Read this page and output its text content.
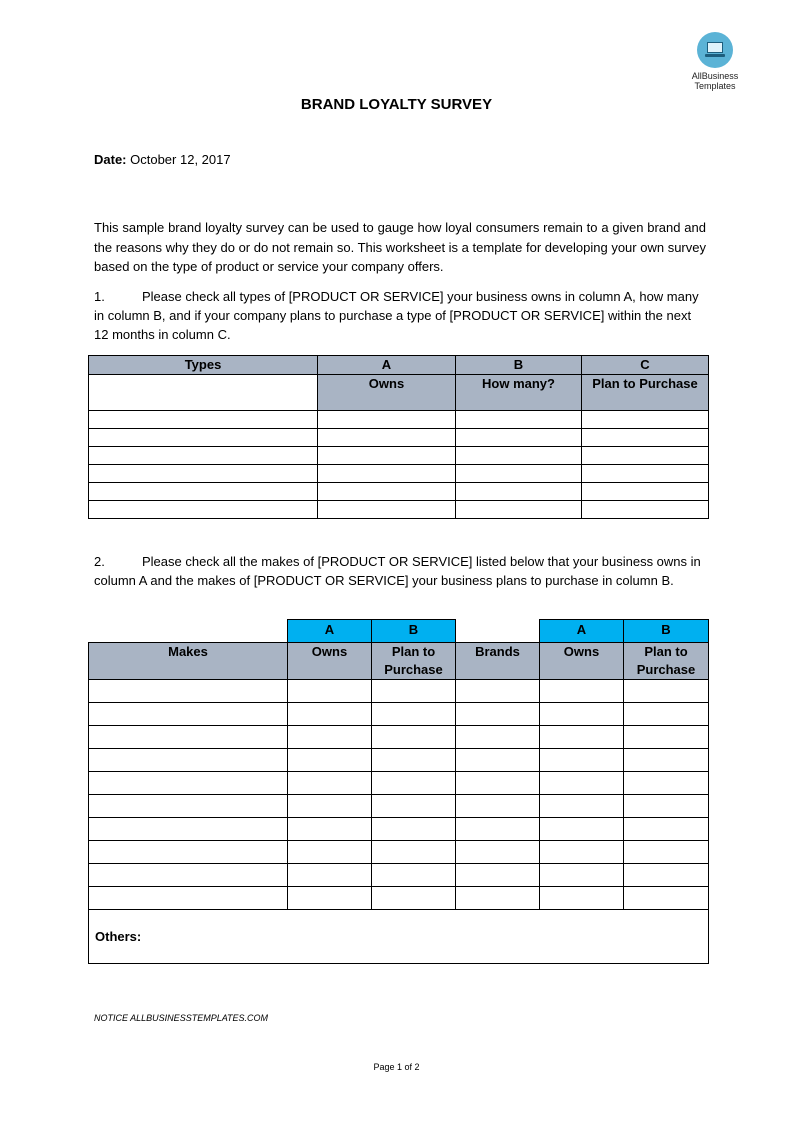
AllBusiness
Templates
BRAND LOYALTY SURVEY
Date: October 12, 2017
This sample brand loyalty survey can be used to gauge how loyal consumers remain to a given brand and the reasons why they do or do not remain so. This worksheet is a template for developing your own survey based on the type of product or service your company offers.
1.	Please check all types of [PRODUCT OR SERVICE] your business owns in column A, how many in column B, and if your company plans to purchase a type of [PRODUCT OR SERVICE] within the next 12 months in column C.
Types	A	B	C
	Owns	How many?	Plan to Purchase

2.	Please check all the makes of [PRODUCT OR SERVICE] listed below that your business owns in column A and the makes of [PRODUCT OR SERVICE] your business plans to purchase in column B.
	A	B		A	B
Makes	Owns	Plan to Purchase	Brands	Owns	Plan to Purchase

Others:					
NOTICE ALLBUSINESSTEMPLATES.COM
Page 1 of 2
